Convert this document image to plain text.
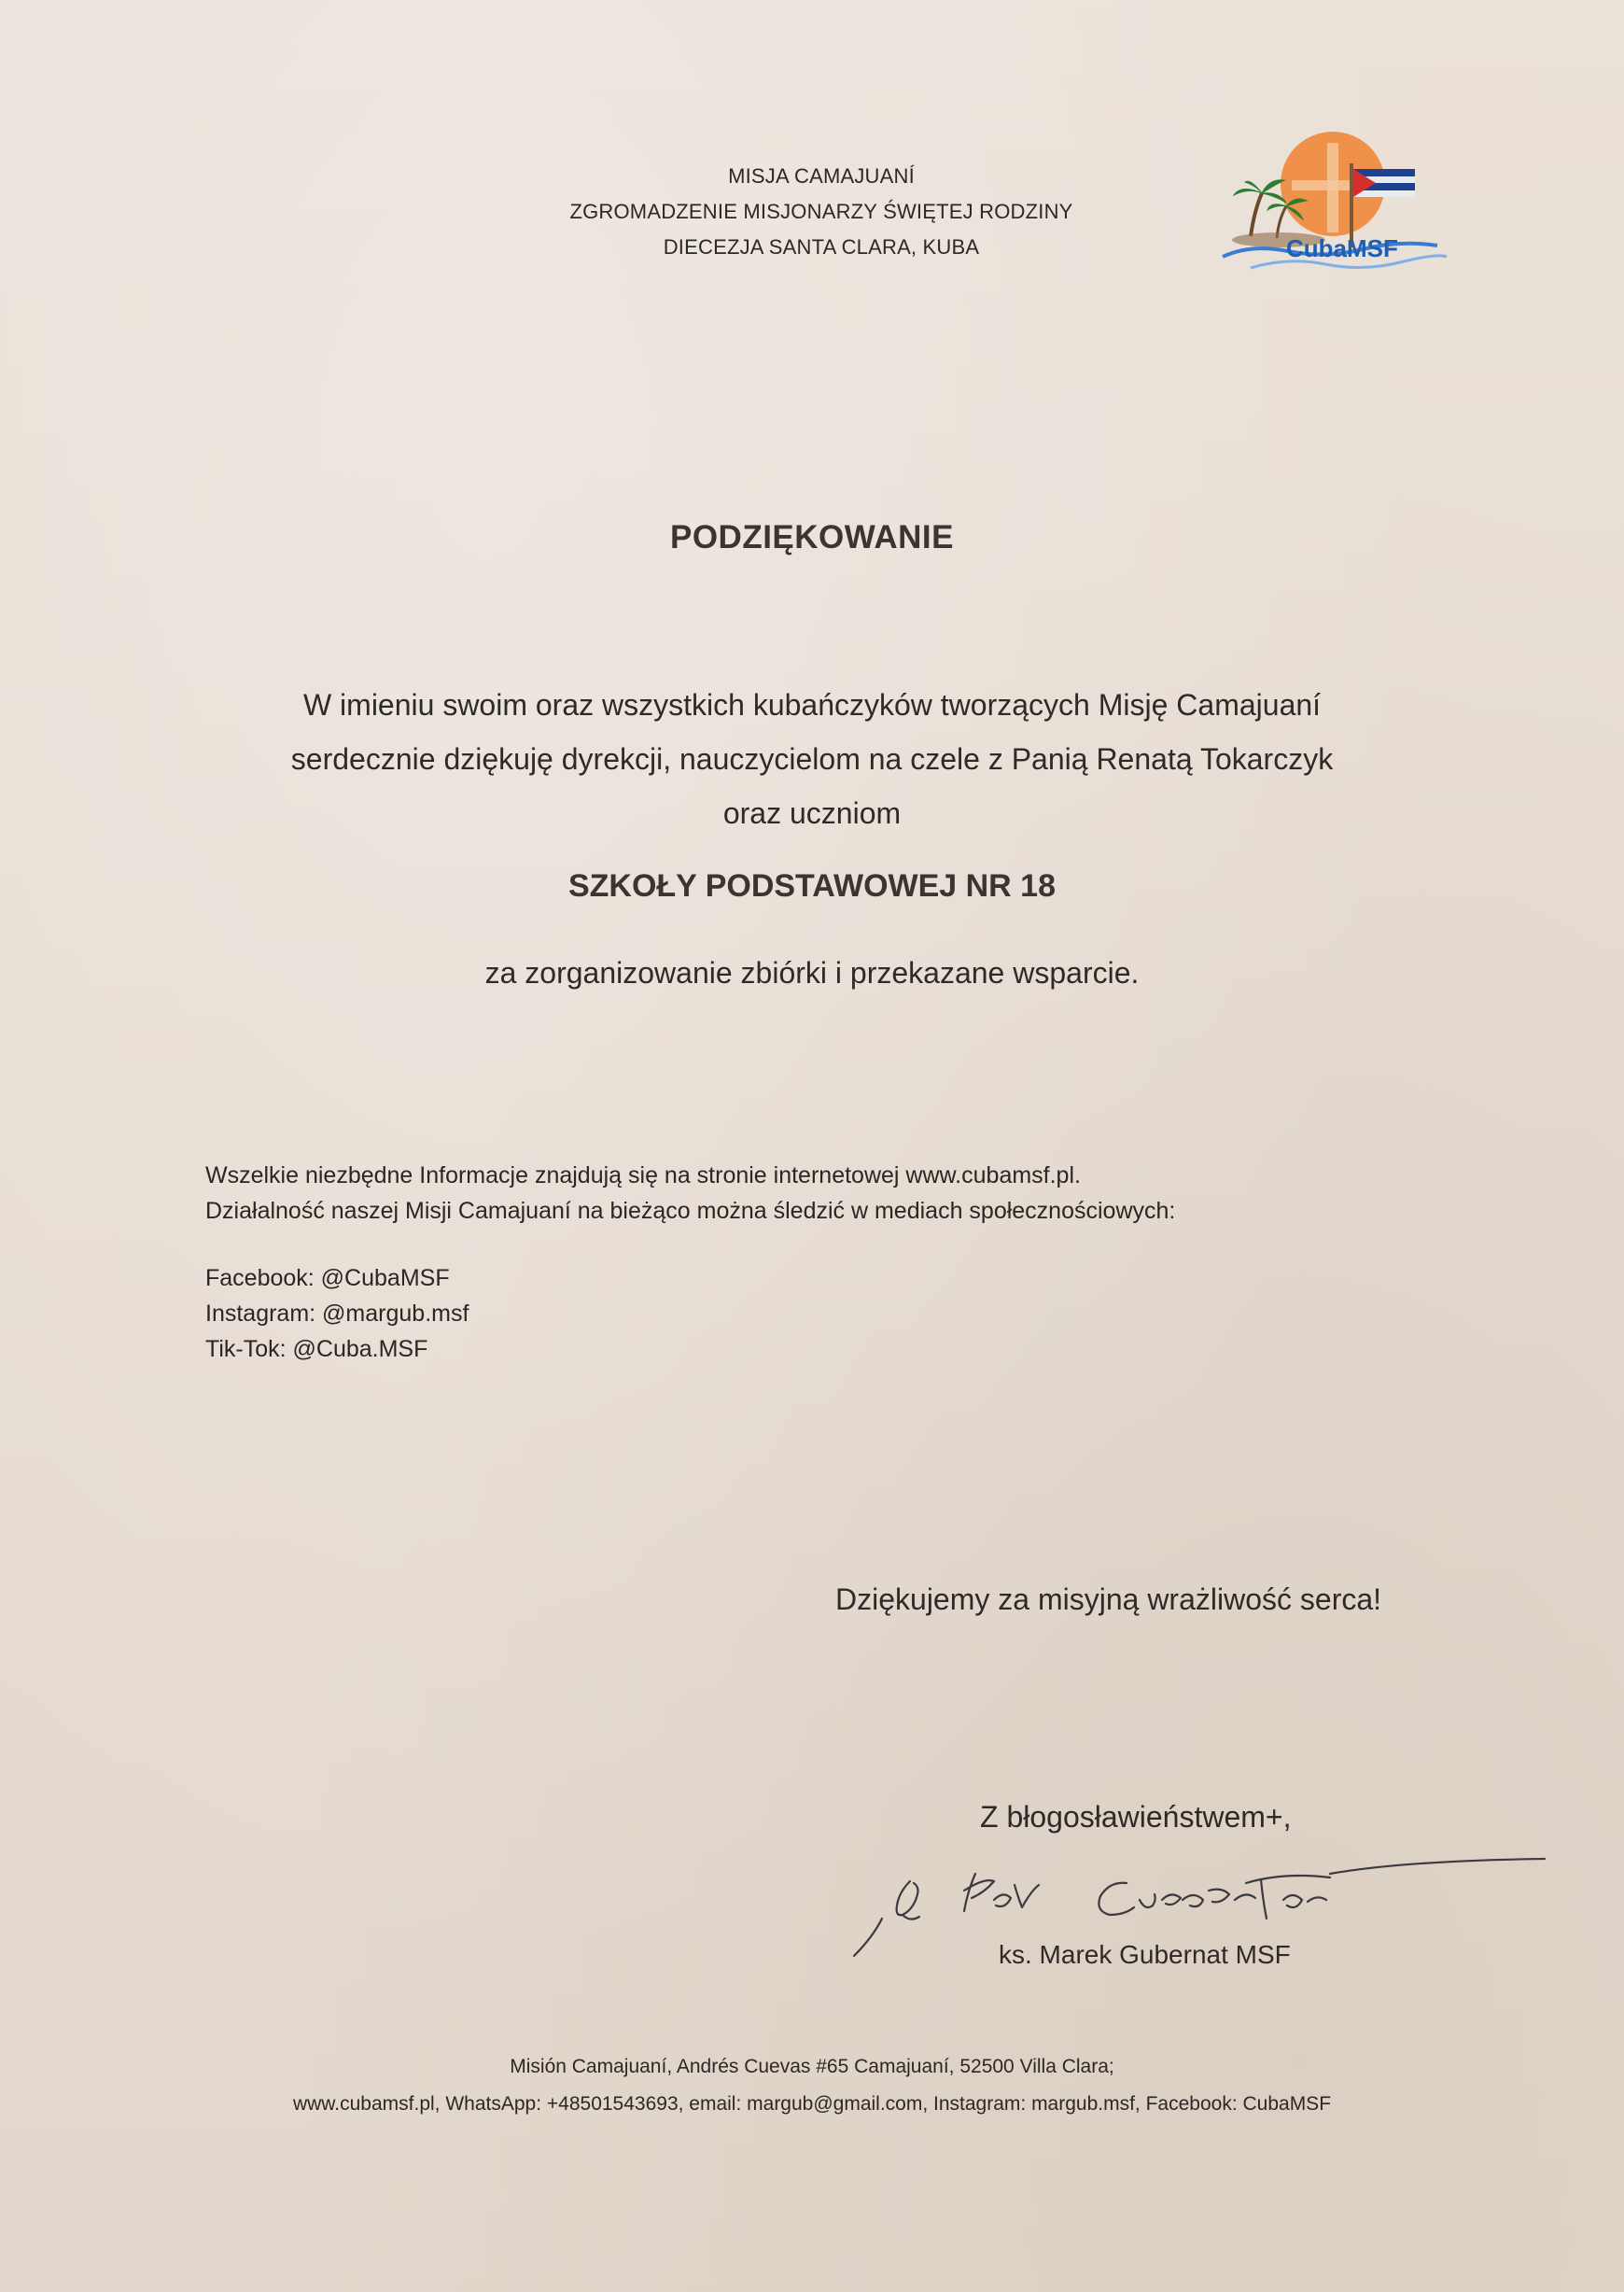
MISJA CAMAJUANÍ
ZGROMADZENIE MISJONARZY ŚWIĘTEJ RODZINY
DIECEZJA SANTA CLARA, KUBA	CubaMSF
PODZIĘKOWANIE
W imieniu swoim oraz wszystkich kubańczyków tworzących Misję Camajuaní
serdecznie dziękuję dyrekcji, nauczycielom na czele z Panią Renatą Tokarczyk
oraz uczniom
SZKOŁY PODSTAWOWEJ NR 18
za zorganizowanie zbiórki i przekazane wsparcie.
Wszelkie niezbędne Informacje znajdują się na stronie internetowej www.cubamsf.pl.
Działalność naszej Misji Camajuaní na bieżąco można śledzić w mediach społecznościowych:
Facebook: @CubaMSF
Instagram: @margub.msf
Tik-Tok: @Cuba.MSF
Dziękujemy za misyjną wrażliwość serca!
Z błogosławieństwem+,
ks. Marek Gubernat MSF
Misión Camajuaní, Andrés Cuevas #65 Camajuaní, 52500 Villa Clara;
www.cubamsf.pl, WhatsApp: +48501543693, email: margub@gmail.com, Instagram: margub.msf, Facebook: CubaMSF
